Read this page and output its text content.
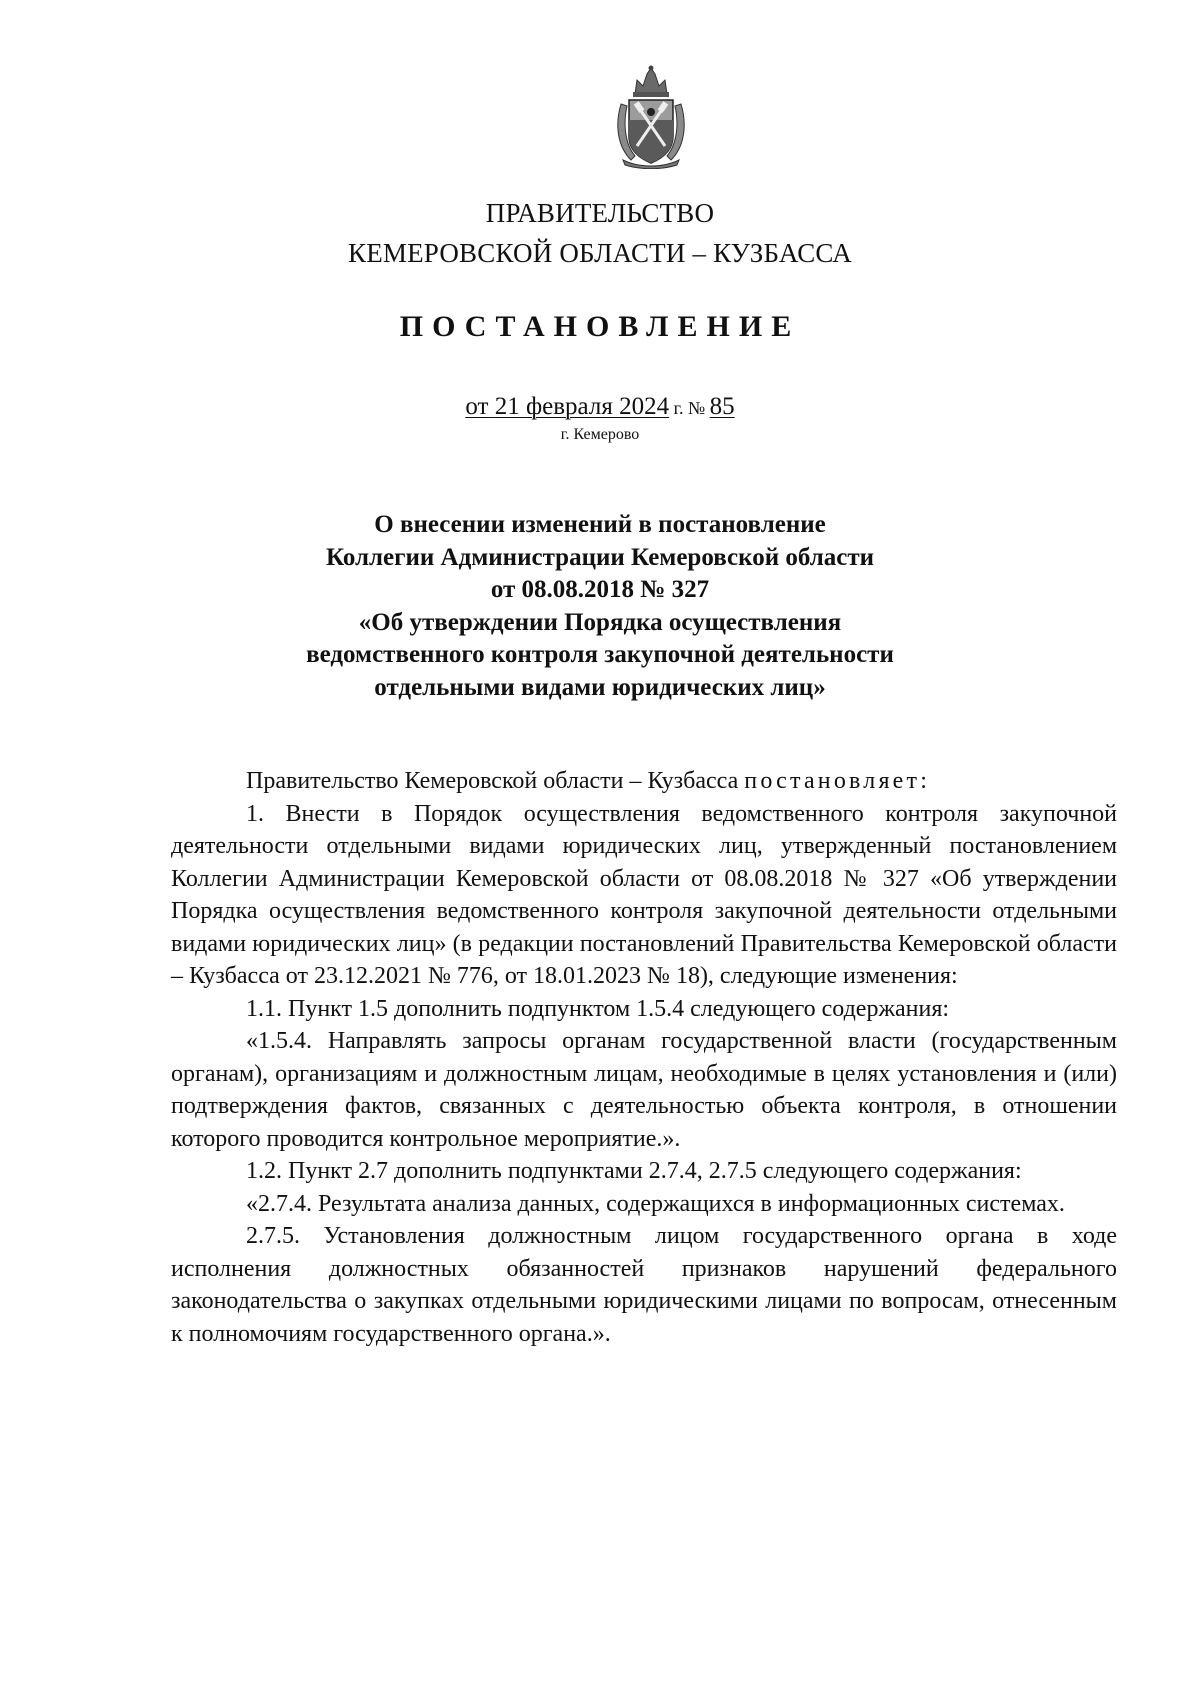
ПРАВИТЕЛЬСТВО
КЕМЕРОВСКОЙ ОБЛАСТИ – КУЗБАССА
ПОСТАНОВЛЕНИЕ
от 21 февраля 2024 г. № 85
г. Кемерово
О внесении изменений в постановление
Коллегии Администрации Кемеровской области
от 08.08.2018 № 327
«Об утверждении Порядка осуществления
ведомственного контроля закупочной деятельности
отдельными видами юридических лиц»

Правительство Кемеровской области – Кузбасса постановляет:

1. Внести в Порядок осуществления ведомственного контроля закупочной деятельности отдельными видами юридических лиц, утвержденный постановлением Коллегии Администрации Кемеровской области от 08.08.2018 № 327 «Об утверждении Порядка осуществления ведомственного контроля закупочной деятельности отдельными видами юридических лиц» (в редакции постановлений Правительства Кемеровской области – Кузбасса от 23.12.2021 № 776, от 18.01.2023 № 18), следующие изменения:

1.1. Пункт 1.5 дополнить подпунктом 1.5.4 следующего содержания:

«1.5.4. Направлять запросы органам государственной власти (государственным органам), организациям и должностным лицам, необходимые в целях установления и (или) подтверждения фактов, связанных с деятельностью объекта контроля, в отношении которого проводится контрольное мероприятие.».

1.2. Пункт 2.7 дополнить подпунктами 2.7.4, 2.7.5 следующего содержания:

«2.7.4. Результата анализа данных, содержащихся в информационных системах.

2.7.5. Установления должностным лицом государственного органа в ходе исполнения должностных обязанностей признаков нарушений федерального законодательства о закупках отдельными юридическими лицами по вопросам, отнесенным к полномочиям государственного органа.».
